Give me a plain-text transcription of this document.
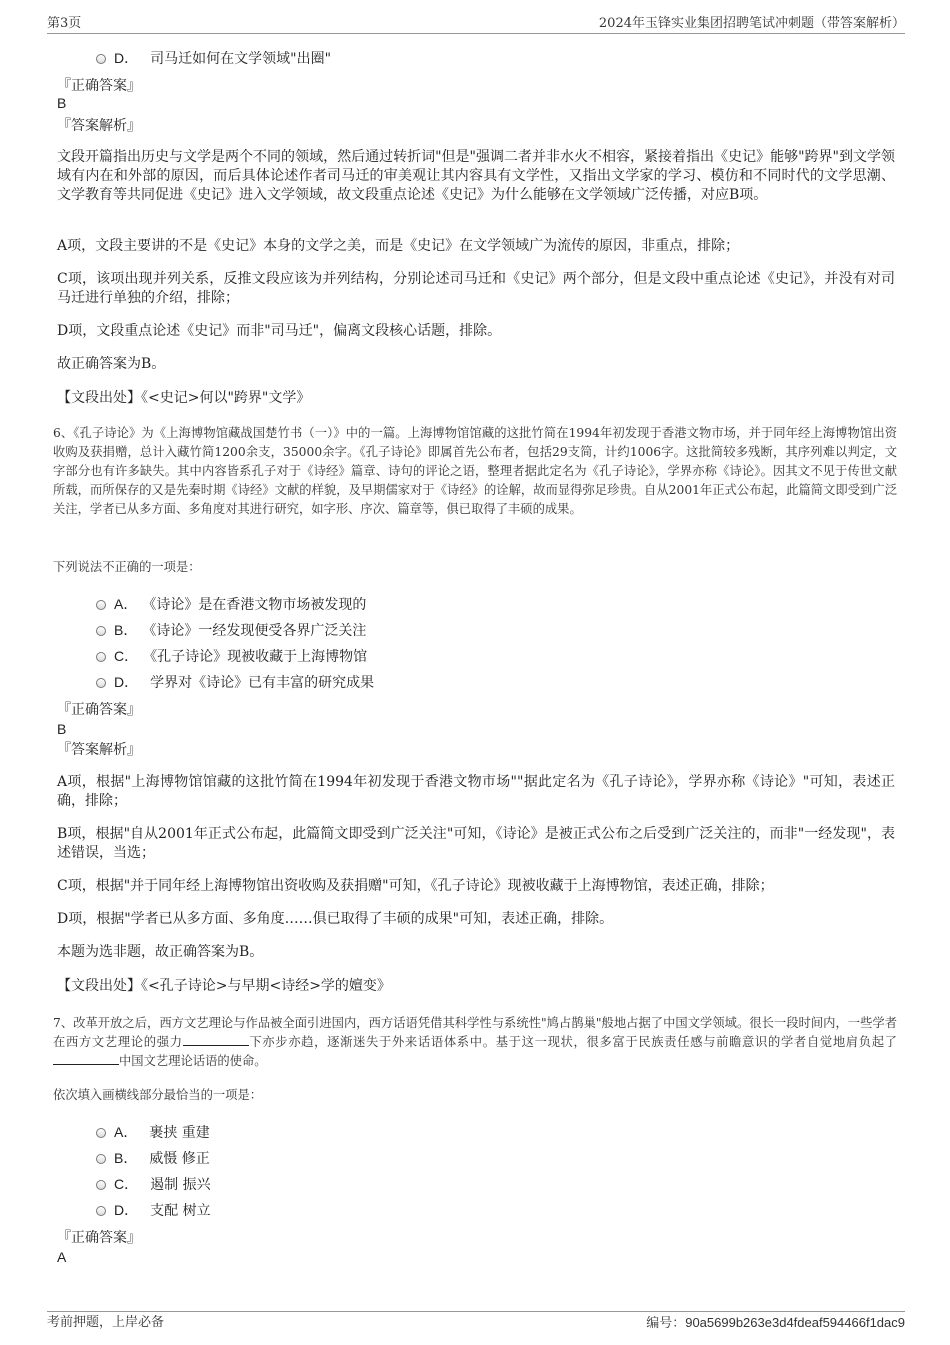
第3页	2024年玉锋实业集团招聘笔试冲刺题（带答案解析）
D． 司马迁如何在文学领域"出圈"
『正确答案』
B
『答案解析』
文段开篇指出历史与文学是两个不同的领域，然后通过转折词"但是"强调二者并非水火不相容，紧接着指出《史记》能够"跨界"到文学领域有内在和外部的原因，而后具体论述作者司马迁的审美观让其内容具有文学性，又指出文学家的学习、模仿和不同时代的文学思潮、文学教育等共同促进《史记》进入文学领域，故文段重点论述《史记》为什么能够在文学领域广泛传播，对应B项。
A项，文段主要讲的不是《史记》本身的文学之美，而是《史记》在文学领域广为流传的原因，非重点，排除；
C项，该项出现并列关系，反推文段应该为并列结构，分别论述司马迁和《史记》两个部分，但是文段中重点论述《史记》，并没有对司马迁进行单独的介绍，排除；
D项，文段重点论述《史记》而非"司马迁"，偏离文段核心话题，排除。
故正确答案为B。
【文段出处】《<史记>何以"跨界"文学》
6、《孔子诗论》为《上海博物馆藏战国楚竹书（一）》中的一篇。上海博物馆馆藏的这批竹简在1994年初发现于香港文物市场，并于同年经上海博物馆出资收购及获捐赠，总计入藏竹简1200余支，35000余字。《孔子诗论》即属首先公布者，包括29支简，计约1006字。这批简较多残断，其序列难以判定，文字部分也有许多缺失。其中内容皆系孔子对于《诗经》篇章、诗句的评论之语，整理者据此定名为《孔子诗论》，学界亦称《诗论》。因其文不见于传世文献所载，而所保存的又是先秦时期《诗经》文献的样貌，及早期儒家对于《诗经》的诠解，故而显得弥足珍贵。自从2001年正式公布起，此篇简文即受到广泛关注，学者已从多方面、多角度对其进行研究，如字形、序次、篇章等，俱已取得了丰硕的成果。
下列说法不正确的一项是：
A． 《诗论》是在香港文物市场被发现的
B． 《诗论》一经发现便受各界广泛关注
C． 《孔子诗论》现被收藏于上海博物馆
D． 学界对《诗论》已有丰富的研究成果
『正确答案』
B
『答案解析』
A项，根据"上海博物馆馆藏的这批竹简在1994年初发现于香港文物市场""据此定名为《孔子诗论》，学界亦称《诗论》"可知，表述正确，排除；
B项，根据"自从2001年正式公布起，此篇简文即受到广泛关注"可知，《诗论》是被正式公布之后受到广泛关注的，而非"一经发现"，表述错误，当选；
C项，根据"并于同年经上海博物馆出资收购及获捐赠"可知，《孔子诗论》现被收藏于上海博物馆，表述正确，排除；
D项，根据"学者已从多方面、多角度……俱已取得了丰硕的成果"可知，表述正确，排除。
本题为选非题，故正确答案为B。
【文段出处】《<孔子诗论>与早期<诗经>学的嬗变》
7、改革开放之后，西方文艺理论与作品被全面引进国内，西方话语凭借其科学性与系统性"鸠占鹊巢"般地占据了中国文学领域。很长一段时间内，一些学者在西方文艺理论的强力	下亦步亦趋，逐渐迷失于外来话语体系中。基于这一现状，很多富于民族责任感与前瞻意识的学者自觉地肩负起了中国文艺理论话语的使命。
依次填入画横线部分最恰当的一项是：
A． 裹挟 重建
B． 威慑 修正
C． 遏制 振兴
D． 支配 树立
『正确答案』
A
考前押题，上岸必备	编号：90a5699b263e3d4fdeaf594466f1dac9
